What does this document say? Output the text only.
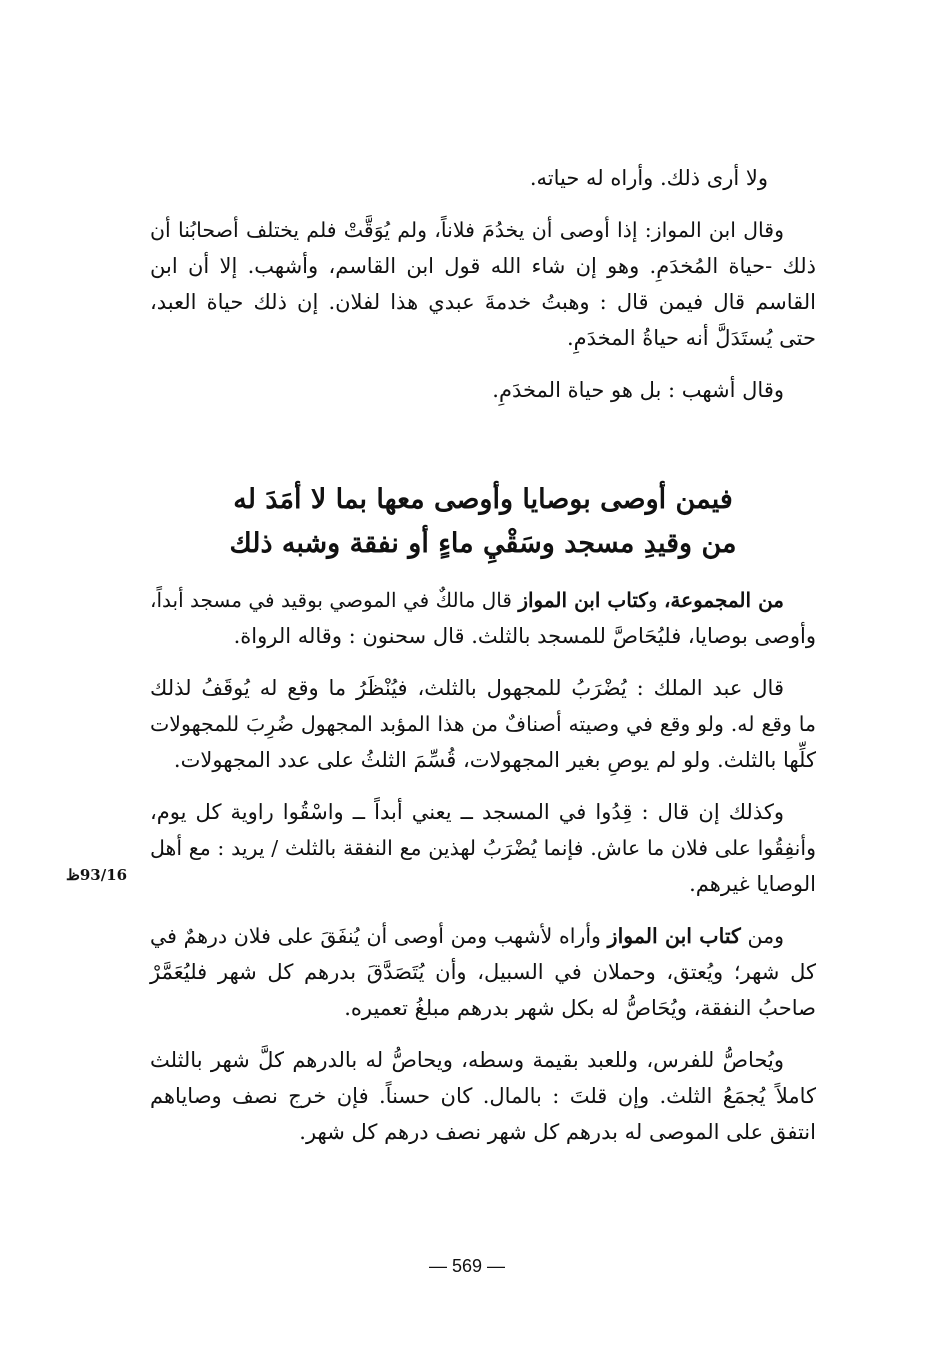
ولا أرى ذلك. وأراه له حياته.

وقال ابن المواز: إذا أوصى أن يخدُمَ فلاناً، ولم يُوَقَّتْ فلم يختلف أصحابُنا أن
ذلك -حياة المُخدَمِ. وهو إن شاء الله قول ابن القاسم، وأشهب. إلا أن ابن
القاسم قال فيمن قال : وهبتُ خدمةَ عبدي هذا لفلان. إن ذلك حياة العبد،
حتى يُستَدَلَّ أنه حياةُ المخدَمِ.

وقال أشهب : بل هو حياة المخدَمِ.

فيمن أوصى بوصايا وأوصى معها بما لا أمَدَ له
من وقيدِ مسجد وسَقْيِ ماءٍ أو نفقة وشبه ذلك

من المجموعة، وكتاب ابن المواز قال مالكٌ في الموصي بوقيد في مسجد أبداً،
وأوصى بوصايا، فليُحَاصَّ للمسجد بالثلث. قال سحنون : وقاله الرواة.

قال عبد الملك : يُضْرَبُ للمجهول بالثلث، فيُنْظَرُ ما وقع له يُوقَفُ لذلك
ما وقع له. ولو وقع في وصيته أصنافٌ من هذا المؤبد المجهول ضُرِبَ للمجهولات
كلِّها بالثلث. ولو لم يوصِ بغير المجهولات، قُسِّمَ الثلثُ على عدد المجهولات.

وكذلك إن قال : قِدُوا في المسجد ــ يعني أبداً ــ واسْقُوا راوية كل يوم،
وأنفِقُوا على فلان ما عاش. فإنما يُضْرَبُ لهذين مع النفقة بالثلث / يريد : مع أهل
الوصايا غيرهم.

ومن كتاب ابن المواز وأراه لأشهب ومن أوصى أن يُنفَقَ على فلان درهمٌ في
كل شهر؛ ويُعتق، وحملان في السبيل، وأن يُتَصَدَّقَ بدرهم كل شهر فليُعَمَّرْ
صاحبُ النفقة، ويُحَاصُّ له بكل شهر بدرهم مبلغُ تعميره.

ويُحاصُّ للفرس، وللعبد بقيمة وسطه، ويحاصُّ له بالدرهم كلَّ شهر بالثلث
كاملاً يُجمَعُ الثلث. وإن قلتَ : بالمال. كان حسناً. فإن خرج نصف وصاياهم
انتفق على الموصى له بدرهم كل شهر نصف درهم كل شهر.

93/16ظ
— 569 —
